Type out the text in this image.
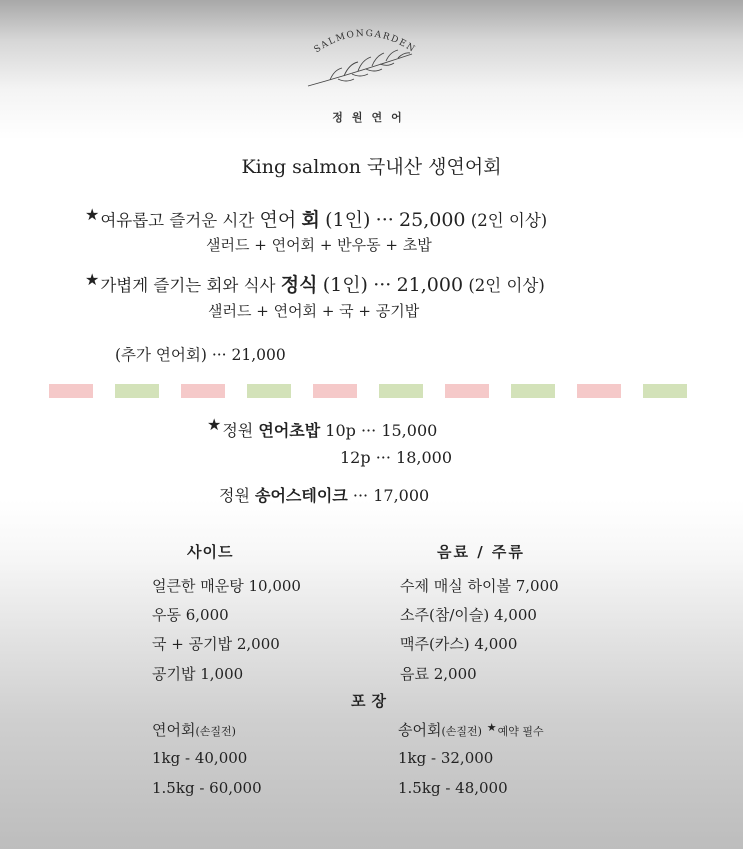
SALMONGARDEN
정원연어
King salmon 국내산 생연어회
★여유롭고 즐거운 시간 연어 회 (1인) ··· 25,000 (2인 이상)
샐러드 + 연어회 + 반우동 + 초밥
★가볍게 즐기는 회와 식사 정식 (1인) ··· 21,000 (2인 이상)
샐러드 + 연어회 + 국 + 공기밥
(추가 연어회) ··· 21,000
★정원 연어초밥 10p ··· 15,000
12p ··· 18,000
정원 송어스테이크 ··· 17,000
사이드
얼큰한 매운탕 10,000
우동 6,000
국 + 공기밥 2,000
공기밥 1,000
음료 / 주류
수제 매실 하이볼 7,000
소주(참/이슬) 4,000
맥주(카스) 4,000
음료 2,000
포장
연어회(손질전)
1kg - 40,000
1.5kg - 60,000
송어회(손질전) ★예약 필수
1kg - 32,000
1.5kg - 48,000
